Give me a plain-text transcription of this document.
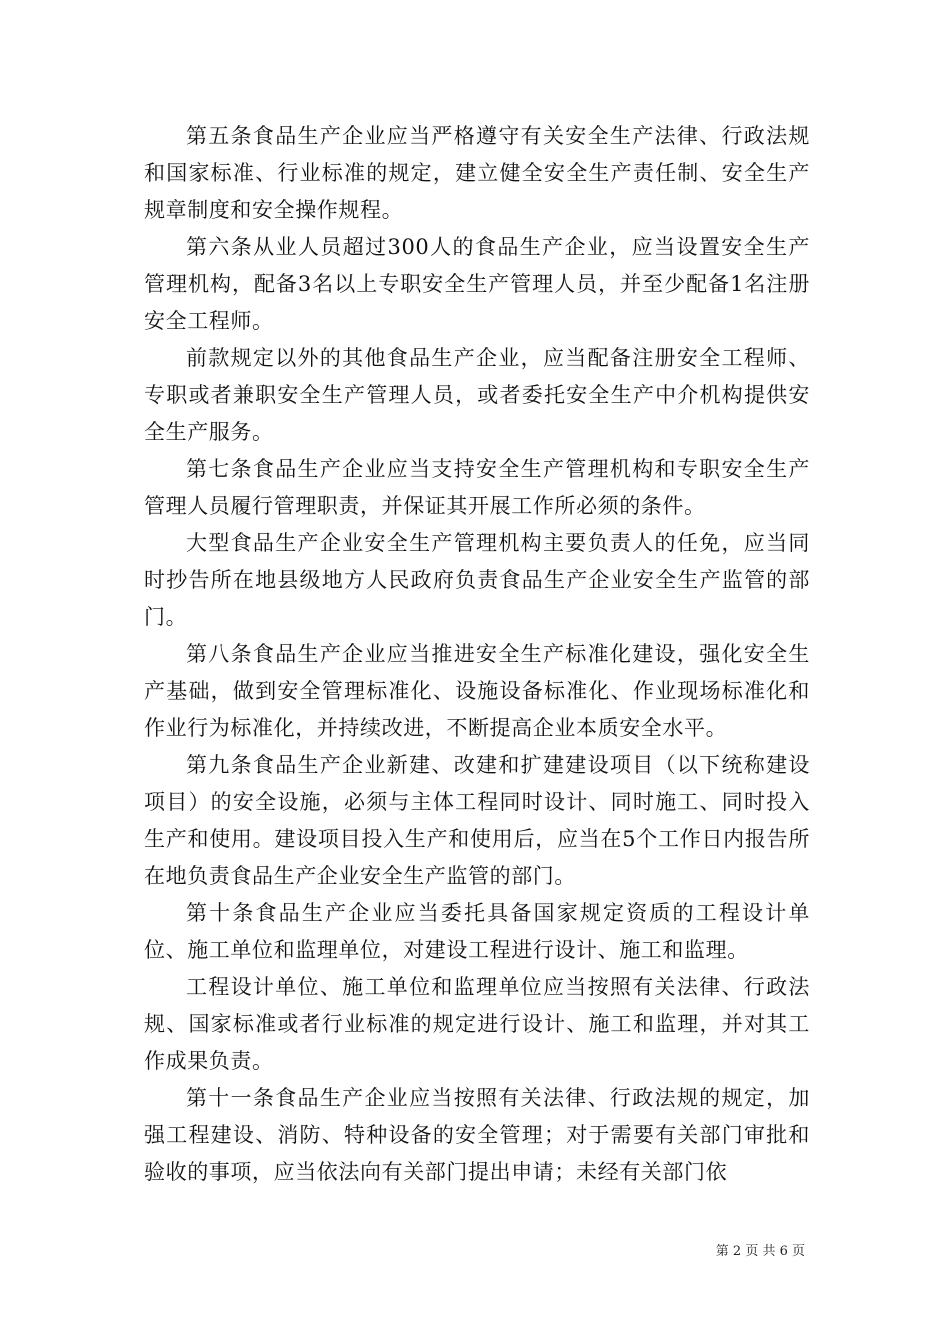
第五条食品生产企业应当严格遵守有关安全生产法律、行政法规和国家标准、行业标准的规定，建立健全安全生产责任制、安全生产规章制度和安全操作规程。

第六条从业人员超过300人的食品生产企业，应当设置安全生产管理机构，配备3名以上专职安全生产管理人员，并至少配备1名注册安全工程师。

前款规定以外的其他食品生产企业，应当配备注册安全工程师、专职或者兼职安全生产管理人员，或者委托安全生产中介机构提供安全生产服务。

第七条食品生产企业应当支持安全生产管理机构和专职安全生产管理人员履行管理职责，并保证其开展工作所必须的条件。

大型食品生产企业安全生产管理机构主要负责人的任免，应当同时抄告所在地县级地方人民政府负责食品生产企业安全生产监管的部门。

第八条食品生产企业应当推进安全生产标准化建设，强化安全生产基础，做到安全管理标准化、设施设备标准化、作业现场标准化和作业行为标准化，并持续改进，不断提高企业本质安全水平。

第九条食品生产企业新建、改建和扩建建设项目（以下统称建设项目）的安全设施，必须与主体工程同时设计、同时施工、同时投入生产和使用。建设项目投入生产和使用后，应当在5个工作日内报告所在地负责食品生产企业安全生产监管的部门。

第十条食品生产企业应当委托具备国家规定资质的工程设计单位、施工单位和监理单位，对建设工程进行设计、施工和监理。

工程设计单位、施工单位和监理单位应当按照有关法律、行政法规、国家标准或者行业标准的规定进行设计、施工和监理，并对其工作成果负责。

第十一条食品生产企业应当按照有关法律、行政法规的规定，加强工程建设、消防、特种设备的安全管理；对于需要有关部门审批和验收的事项，应当依法向有关部门提出申请；未经有关部门依

第 2 页 共 6 页
